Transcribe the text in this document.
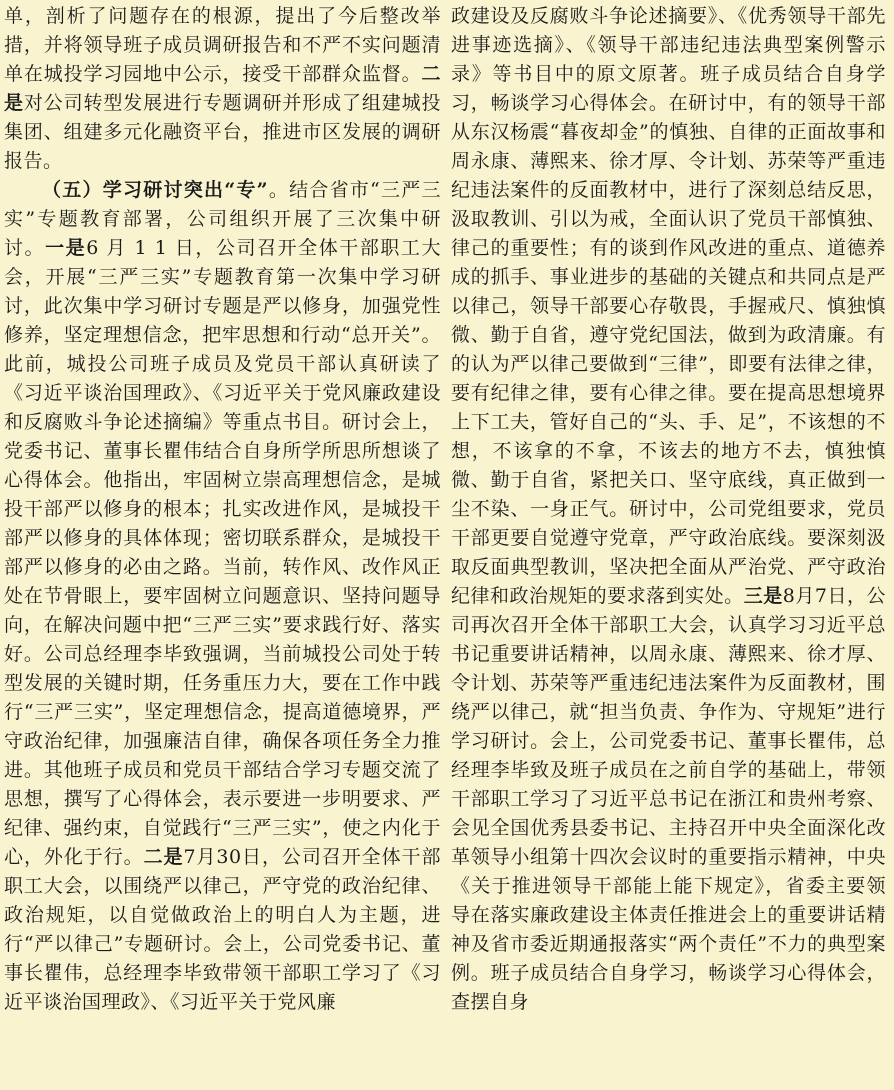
单，剖析了问题存在的根源，提出了今后整改举措，并将领导班子成员调研报告和不严不实问题清单在城投学习园地中公示，接受干部群众监督。二是对公司转型发展进行专题调研并形成了组建城投集团、组建多元化融资平台，推进市区发展的调研报告。

（五）学习研讨突出“专”。结合省市“三严三实”专题教育部署，公司组织开展了三次集中研讨。一是6 月 1 1 日，公司召开全体干部职工大会，开展“三严三实”专题教育第一次集中学习研讨，此次集中学习研讨专题是严以修身，加强党性修养，坚定理想信念，把牢思想和行动“总开关”。此前，城投公司班子成员及党员干部认真研读了《习近平谈治国理政》、《习近平关于党风廉政建设和反腐败斗争论述摘编》等重点书目。研讨会上，党委书记、董事长瞿伟结合自身所学所思所想谈了心得体会。他指出，牢固树立崇高理想信念，是城投干部严以修身的根本；扎实改进作风，是城投干部严以修身的具体体现；密切联系群众，是城投干部严以修身的必由之路。当前，转作风、改作风正处在节骨眼上，要牢固树立问题意识、坚持问题导向，在解决问题中把“三严三实”要求践行好、落实好。公司总经理李毕致强调，当前城投公司处于转型发展的关键时期，任务重压力大，要在工作中践行“三严三实”，坚定理想信念，提高道德境界，严守政治纪律，加强廉洁自律，确保各项任务全力推进。其他班子成员和党员干部结合学习专题交流了思想，撰写了心得体会，表示要进一步明要求、严纪律、强约束，自觉践行“三严三实”，使之内化于心，外化于行。二是7月30日，公司召开全体干部职工大会，以围绕严以律己，严守党的政治纪律、政治规矩，以自觉做政治上的明白人为主题，进行“严以律己”专题研讨。会上，公司党委书记、董事长瞿伟，总经理李毕致带领干部职工学习了《习近平谈治国理政》、《习近平关于党风廉

政建设及反腐败斗争论述摘要》、《优秀领导干部先进事迹选摘》、《领导干部违纪违法典型案例警示录》等书目中的原文原著。班子成员结合自身学习，畅谈学习心得体会。在研讨中，有的领导干部从东汉杨震“暮夜却金”的慎独、自律的正面故事和周永康、薄熙来、徐才厚、令计划、苏荣等严重违纪违法案件的反面教材中，进行了深刻总结反思，汲取教训、引以为戒，全面认识了党员干部慎独、律己的重要性；有的谈到作风改进的重点、道德养成的抓手、事业进步的基础的关键点和共同点是严以律己，领导干部要心存敬畏，手握戒尺、慎独慎微、勤于自省，遵守党纪国法，做到为政清廉。有的认为严以律己要做到“三律”，即要有法律之律，要有纪律之律，要有心律之律。要在提高思想境界上下工夫，管好自己的“头、手、足”，不该想的不想，不该拿的不拿，不该去的地方不去，慎独慎微、勤于自省，紧把关口、坚守底线，真正做到一尘不染、一身正气。研讨中，公司党组要求，党员干部更要自觉遵守党章，严守政治底线。要深刻汲取反面典型教训，坚决把全面从严治党、严守政治纪律和政治规矩的要求落到实处。三是8月7日，公司再次召开全体干部职工大会，认真学习习近平总书记重要讲话精神，以周永康、薄熙来、徐才厚、令计划、苏荣等严重违纪违法案件为反面教材，围绕严以律己，就“担当负责、争作为、守规矩”进行学习研讨。会上，公司党委书记、董事长瞿伟，总经理李毕致及班子成员在之前自学的基础上，带领干部职工学习了习近平总书记在浙江和贵州考察、会见全国优秀县委书记、主持召开中央全面深化改革领导小组第十四次会议时的重要指示精神，中央《关于推进领导干部能上能下规定》，省委主要领导在落实廉政建设主体责任推进会上的重要讲话精神及省市委近期通报落实“两个责任”不力的典型案例。班子成员结合自身学习，畅谈学习心得体会，查摆自身
